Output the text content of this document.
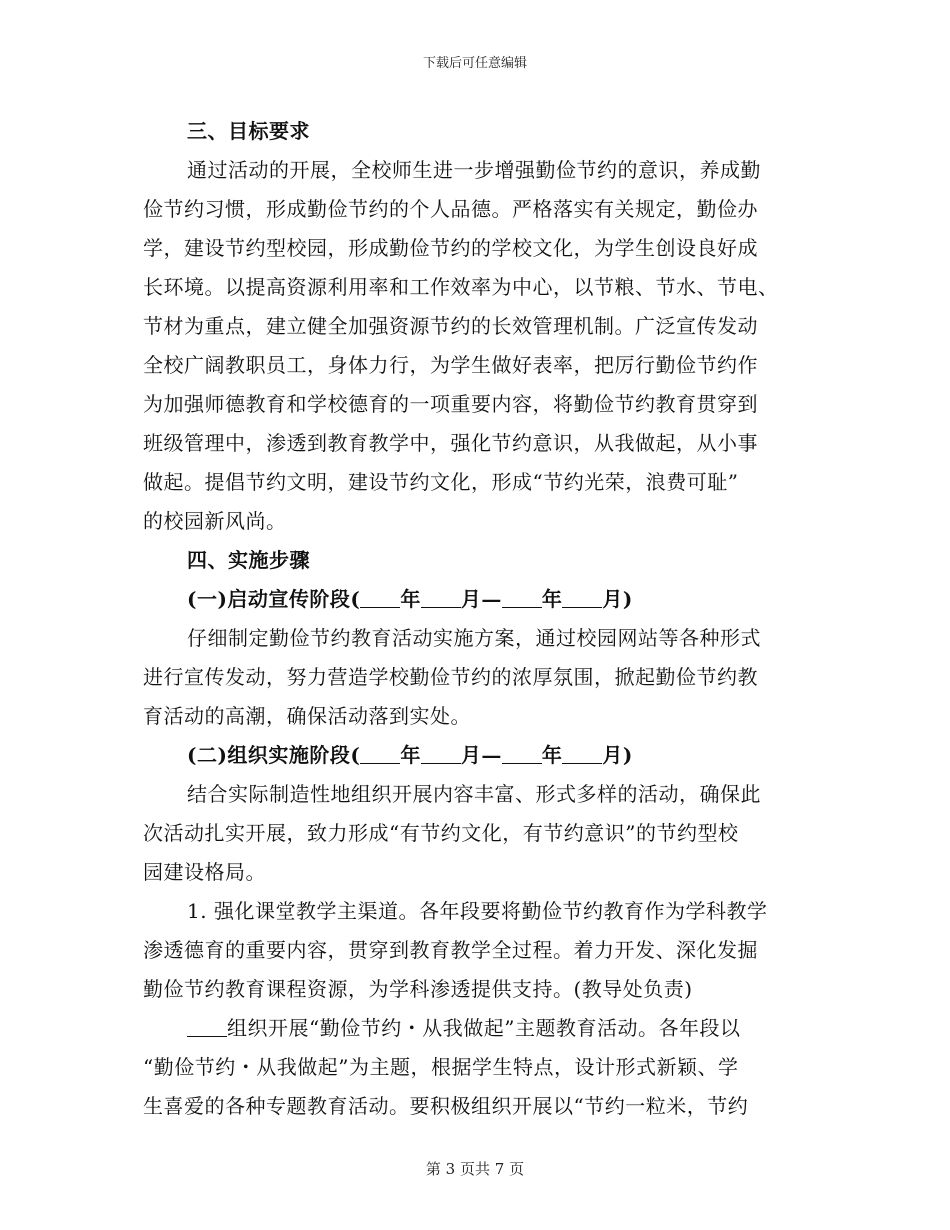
下载后可任意编辑
三、目标要求
通过活动的开展，全校师生进一步增强勤俭节约的意识，养成勤
俭节约习惯，形成勤俭节约的个人品德。严格落实有关规定，勤俭办
学，建设节约型校园，形成勤俭节约的学校文化，为学生创设良好成
长环境。以提高资源利用率和工作效率为中心，以节粮、节水、节电、
节材为重点，建立健全加强资源节约的长效管理机制。广泛宣传发动
全校广阔教职员工，身体力行，为学生做好表率，把厉行勤俭节约作
为加强师德教育和学校德育的一项重要内容，将勤俭节约教育贯穿到
班级管理中，渗透到教育教学中，强化节约意识，从我做起，从小事
做起。提倡节约文明，建设节约文化，形成“节约光荣，浪费可耻”
的校园新风尚。
四、实施步骤
(一)启动宣传阶段( 年 月— 年 月)
仔细制定勤俭节约教育活动实施方案，通过校园网站等各种形式
进行宣传发动，努力营造学校勤俭节约的浓厚氛围，掀起勤俭节约教
育活动的高潮，确保活动落到实处。
(二)组织实施阶段( 年 月— 年 月)
结合实际制造性地组织开展内容丰富、形式多样的活动，确保此
次活动扎实开展，致力形成“有节约文化，有节约意识”的节约型校
园建设格局。
1. 强化课堂教学主渠道。各年段要将勤俭节约教育作为学科教学
渗透德育的重要内容，贯穿到教育教学全过程。着力开发、深化发掘
勤俭节约教育课程资源，为学科渗透提供支持。(教导处负责)
组织开展“勤俭节约・从我做起”主题教育活动。各年段以
“勤俭节约・从我做起”为主题，根据学生特点，设计形式新颖、学
生喜爱的各种专题教育活动。要积极组织开展以“节约一粒米，节约
第 3 页共 7 页
